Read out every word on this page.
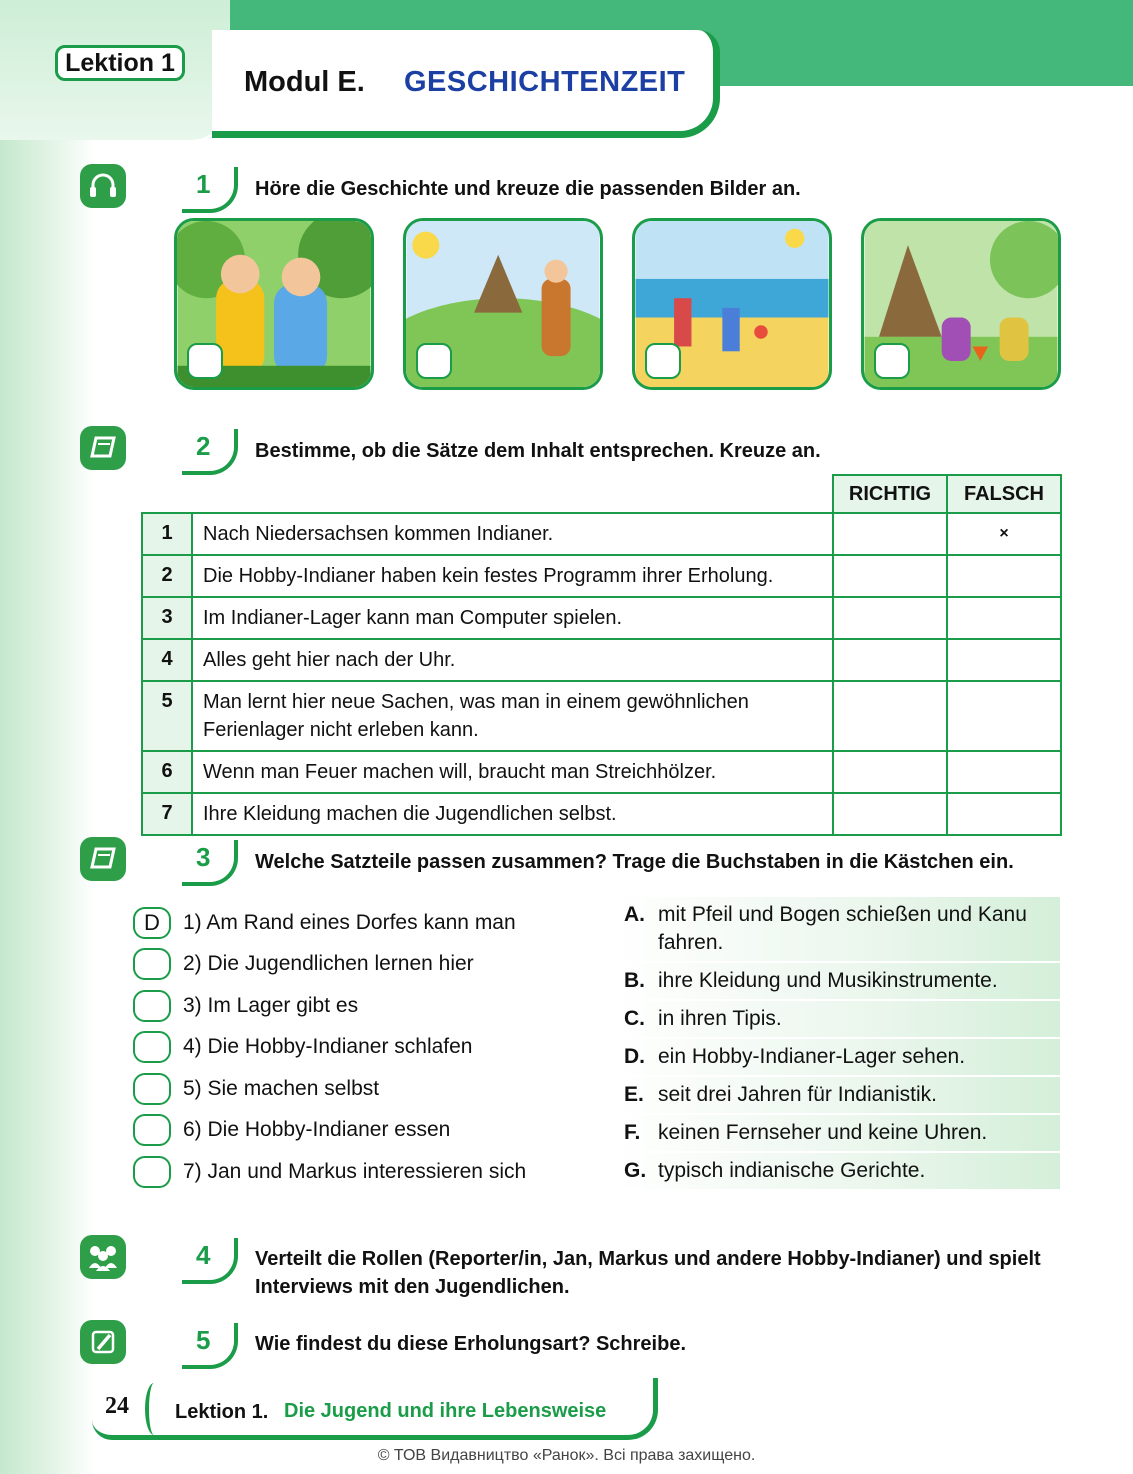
Lektion 1
Modul E. GESCHICHTENZEIT
1 Höre die Geschichte und kreuze die passenden Bilder an.
2 Bestimme, ob die Sätze dem Inhalt entsprechen. Kreuze an.
		RICHTIG	FALSCH
1	Nach Niedersachsen kommen Indianer.		×
2	Die Hobby-Indianer haben kein festes Programm ihrer Erholung.		
3	Im Indianer-Lager kann man Computer spielen.		
4	Alles geht hier nach der Uhr.		
5	Man lernt hier neue Sachen, was man in einem gewöhnlichen Ferienlager nicht erleben kann.		
6	Wenn man Feuer machen will, braucht man Streichhölzer.		
7	Ihre Kleidung machen die Jugendlichen selbst.		
3 Welche Satzteile passen zusammen? Trage die Buchstaben in die Kästchen ein.
D	1) Am Rand eines Dorfes kann man
2) Die Jugendlichen lernen hier
3) Im Lager gibt es
4) Die Hobby-Indianer schlafen
5) Sie machen selbst
6) Die Hobby-Indianer essen
7) Jan und Markus interessieren sich
A. mit Pfeil und Bogen schießen und Kanu fahren.
B. ihre Kleidung und Musikinstrumente.
C. in ihren Tipis.
D. ein Hobby-Indianer-Lager sehen.
E. seit drei Jahren für Indianistik.
F. keinen Fernseher und keine Uhren.
G. typisch indianische Gerichte.
4 Verteilt die Rollen (Reporter/in, Jan, Markus und andere Hobby-Indianer) und spielt Interviews mit den Jugendlichen.
5 Wie findest du diese Erholungsart? Schreibe.
24 Lektion 1. Die Jugend und ihre Lebensweise
© ТОВ Видавництво «Ранок». Всі права захищено.
